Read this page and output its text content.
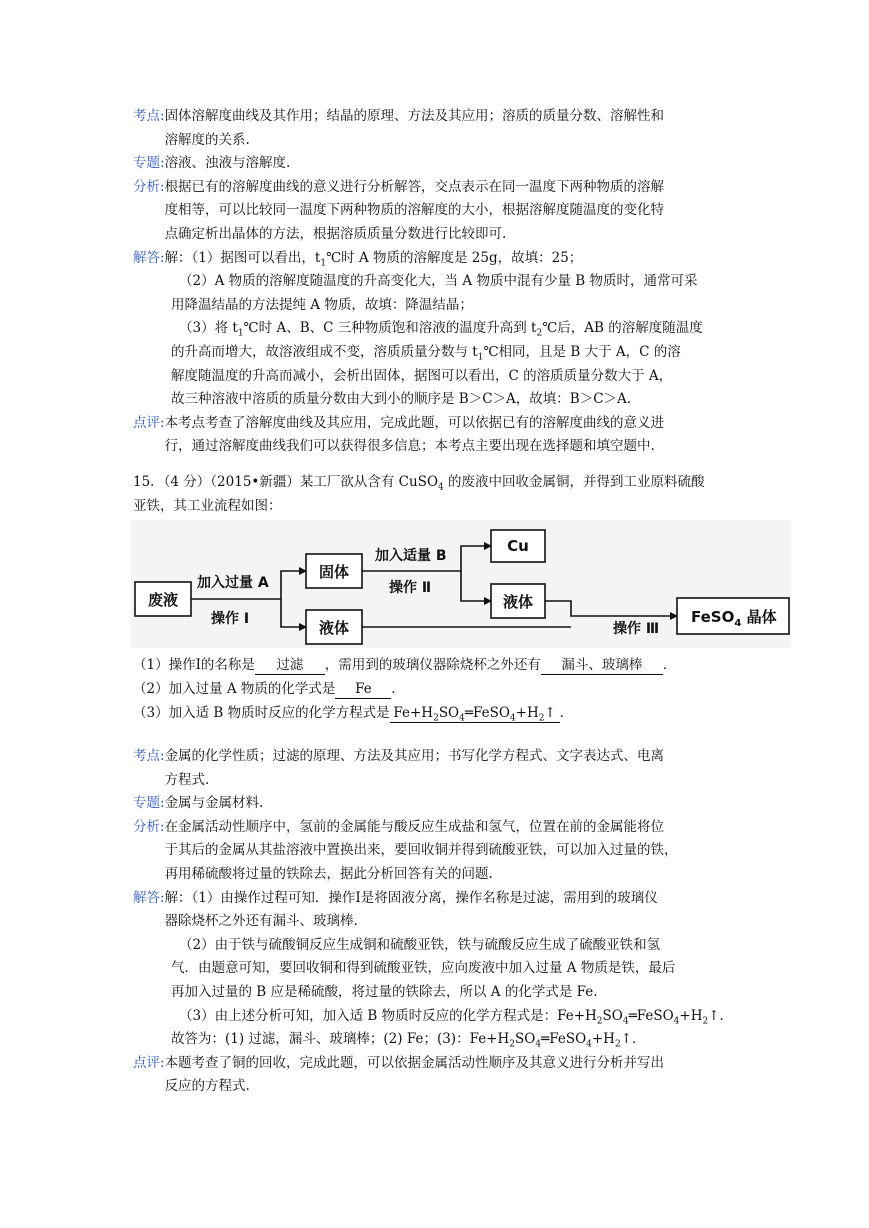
考点: 固体溶解度曲线及其作用；结晶的原理、方法及其应用；溶质的质量分数、溶解性和
溶解度的关系.
专题: 溶液、浊液与溶解度.
分析: 根据已有的溶解度曲线的意义进行分析解答，交点表示在同一温度下两种物质的溶解
度相等，可以比较同一温度下两种物质的溶解度的大小，根据溶解度随温度的变化特
点确定析出晶体的方法，根据溶质质量分数进行比较即可.
解答: 解：（1）据图可以看出，$t_1℃$时 A 物质的溶解度是 25g，故填：25；
（2）A 物质的溶解度随温度的升高变化大，当 A 物质中混有少量 B 物质时，通常可采
用降温结晶的方法提纯 A 物质，故填：降温结晶；
（3）将 $t_1℃$时 A、B、C 三种物质饱和溶液的温度升高到 $t_2℃$后，AB 的溶解度随温度
的升高而增大，故溶液组成不变，溶质质量分数与 $t_1℃$相同，且是 B 大于 A，C 的溶
解度随温度的升高而减小，会析出固体，据图可以看出，C 的溶质质量分数大于 A，
故三种溶液中溶质的质量分数由大到小的顺序是 B＞C＞A，故填：B＞C＞A.
点评: 本考点考查了溶解度曲线及其应用，完成此题，可以依据已有的溶解度曲线的意义进
行，通过溶解度曲线我们可以获得很多信息；本考点主要出现在选择题和填空题中.
15．（4 分）（2015•新疆）某工厂欲从含有 CuSO$_4$ 的废液中回收金属铜，并得到工业原料硫酸
亚铁，其工业流程如图：
废液
加入过量 A
操作 Ⅰ
固体
液体
加入适量 B
操作 Ⅱ
Cu
液体
操作 Ⅲ
FeSO$_4$ 晶体
（1）操作Ⅰ的名称是 过滤 ，需用到的玻璃仪器除烧杯之外还有 漏斗、玻璃棒 ．
（2）加入过量 A 物质的化学式是 Fe ．
（3）加入适 B 物质时反应的化学方程式是 $Fe+H_2SO_4═FeSO_4+H_2↑$ ．
考点: 金属的化学性质；过滤的原理、方法及其应用；书写化学方程式、文字表达式、电离
方程式.
专题: 金属与金属材料.
分析: 在金属活动性顺序中，氢前的金属能与酸反应生成盐和氢气，位置在前的金属能将位
于其后的金属从其盐溶液中置换出来，要回收铜并得到硫酸亚铁，可以加入过量的铁，
再用稀硫酸将过量的铁除去，据此分析回答有关的问题.
解答: 解：（1）由操作过程可知．操作Ⅰ是将固液分离，操作名称是过滤，需用到的玻璃仪
器除烧杯之外还有漏斗、玻璃棒.
（2）由于铁与硫酸铜反应生成铜和硫酸亚铁，铁与硫酸反应生成了硫酸亚铁和氢
气．由题意可知，要回收铜和得到硫酸亚铁，应向废液中加入过量 A 物质是铁，最后
再加入过量的 B 应是稀硫酸，将过量的铁除去，所以 A 的化学式是 Fe.
（3）由上述分析可知，加入适 B 物质时反应的化学方程式是：$Fe+H_2SO_4═FeSO_4+H_2↑$.
故答为：(1) 过滤，漏斗、玻璃棒；(2) Fe；(3)：$Fe+H_2SO_4═FeSO_4+H_2↑$．
点评: 本题考查了铜的回收，完成此题，可以依据金属活动性顺序及其意义进行分析并写出
反应的方程式.
